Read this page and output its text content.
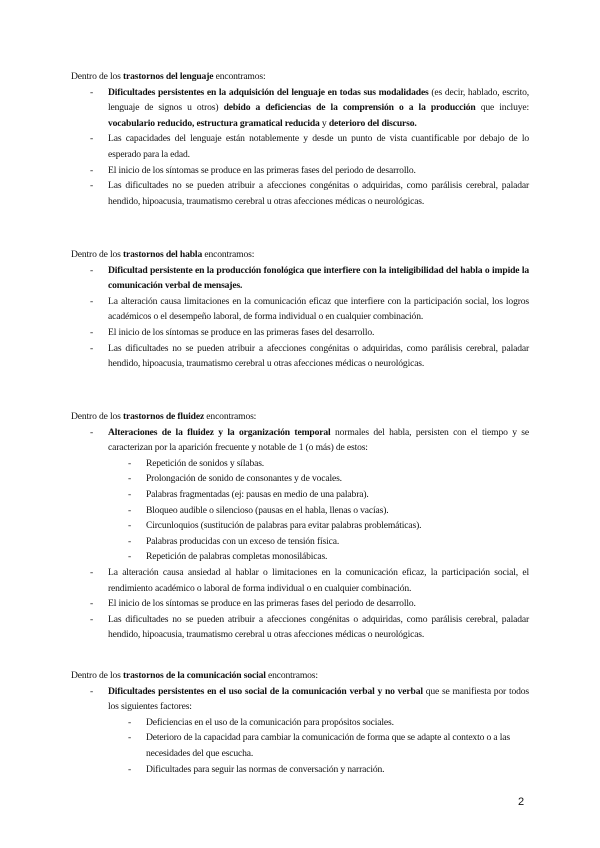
Dentro de los trastornos del lenguaje encontramos:

- Dificultades persistentes en la adquisición del lenguaje en todas sus modalidades (es decir, hablado, escrito, lenguaje de signos u otros) debido a deficiencias de la comprensión o a la producción que incluye: vocabulario reducido, estructura gramatical reducida y deterioro del discurso.
- Las capacidades del lenguaje están notablemente y desde un punto de vista cuantificable por debajo de lo esperado para la edad.
- El inicio de los síntomas se produce en las primeras fases del periodo de desarrollo.
- Las dificultades no se pueden atribuir a afecciones congénitas o adquiridas, como parálisis cerebral, paladar hendido, hipoacusia, traumatismo cerebral u otras afecciones médicas o neurológicas.

Dentro de los trastornos del habla encontramos:

- Dificultad persistente en la producción fonológica que interfiere con la inteligibilidad del habla o impide la comunicación verbal de mensajes.
- La alteración causa limitaciones en la comunicación eficaz que interfiere con la participación social, los logros académicos o el desempeño laboral, de forma individual o en cualquier combinación.
- El inicio de los síntomas se produce en las primeras fases del desarrollo.
- Las dificultades no se pueden atribuir a afecciones congénitas o adquiridas, como parálisis cerebral, paladar hendido, hipoacusia, traumatismo cerebral u otras afecciones médicas o neurológicas.

Dentro de los trastornos de fluidez encontramos:

- Alteraciones de la fluidez y la organización temporal normales del habla, persisten con el tiempo y se caracterizan por la aparición frecuente y notable de 1 (o más) de estos:
- Repetición de sonidos y sílabas.
- Prolongación de sonido de consonantes y de vocales.
- Palabras fragmentadas (ej: pausas en medio de una palabra).
- Bloqueo audible o silencioso (pausas en el habla, llenas o vacías).
- Circunloquios (sustitución de palabras para evitar palabras problemáticas).
- Palabras producidas con un exceso de tensión física.
- Repetición de palabras completas monosilábicas.
- La alteración causa ansiedad al hablar o limitaciones en la comunicación eficaz, la participación social, el rendimiento académico o laboral de forma individual o en cualquier combinación.
- El inicio de los síntomas se produce en las primeras fases del periodo de desarrollo.
- Las dificultades no se pueden atribuir a afecciones congénitas o adquiridas, como parálisis cerebral, paladar hendido, hipoacusia, traumatismo cerebral u otras afecciones médicas o neurológicas.

Dentro de los trastornos de la comunicación social encontramos:

- Dificultades persistentes en el uso social de la comunicación verbal y no verbal que se manifiesta por todos los siguientes factores:
- Deficiencias en el uso de la comunicación para propósitos sociales.
- Deterioro de la capacidad para cambiar la comunicación de forma que se adapte al contexto o a las necesidades del que escucha.
- Dificultades para seguir las normas de conversación y narración.
2
